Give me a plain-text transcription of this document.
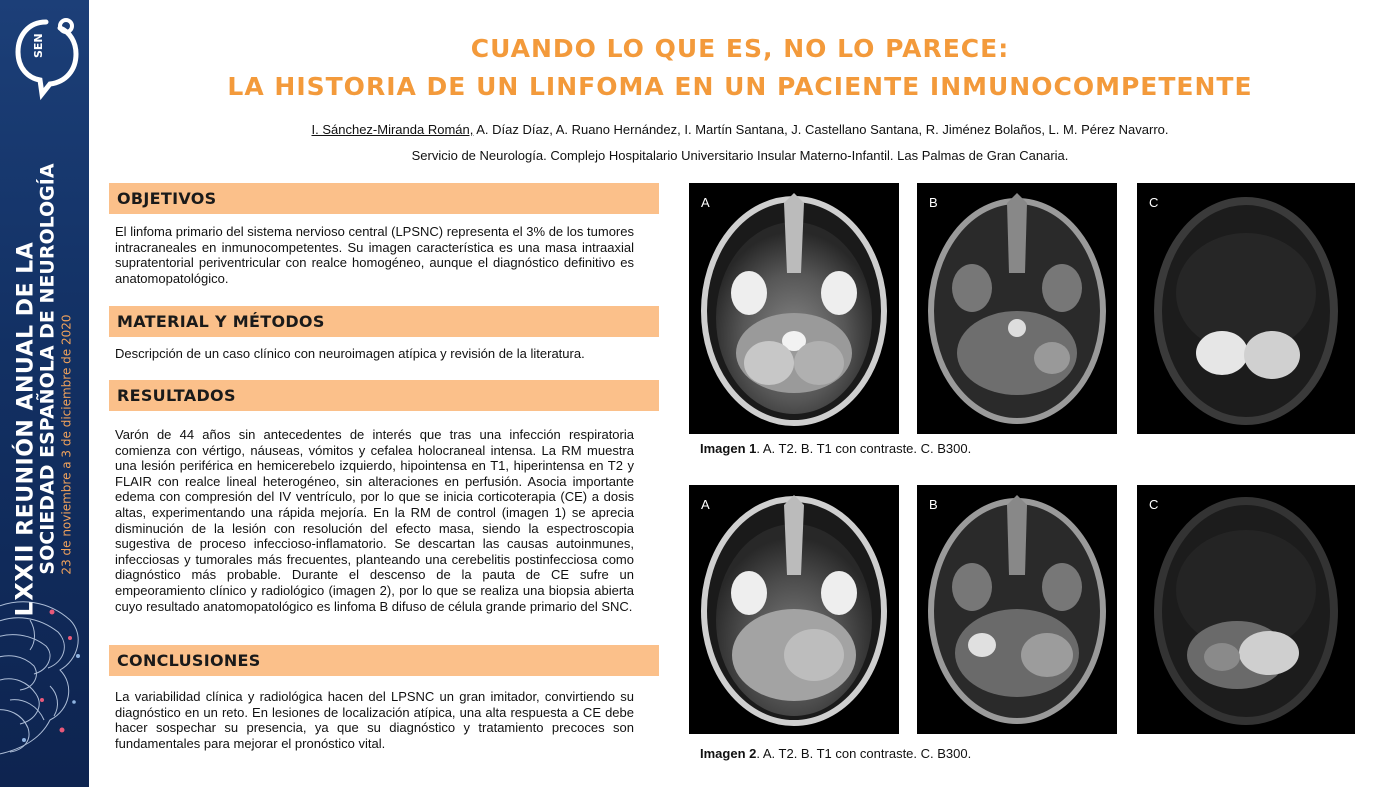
SEN
LXXII REUNIÓN ANUAL DE LA
SOCIEDAD ESPAÑOLA DE NEUROLOGÍA 23 de noviembre a 3 de diciembre de 2020
CUANDO LO QUE ES, NO LO PARECE:
LA HISTORIA DE UN LINFOMA EN UN PACIENTE INMUNOCOMPETENTE
I. Sánchez-Miranda Román, A. Díaz Díaz, A. Ruano Hernández, I. Martín Santana, J. Castellano Santana, R. Jiménez Bolaños, L. M. Pérez Navarro.
Servicio de Neurología. Complejo Hospitalario Universitario Insular Materno-Infantil. Las Palmas de Gran Canaria.
OBJETIVOS
El linfoma primario del sistema nervioso central (LPSNC) representa el 3% de los tumores intracraneales en inmunocompetentes. Su imagen característica es una masa intraaxial supratentorial periventricular con realce homogéneo, aunque el diagnóstico definitivo es anatomopatológico.
MATERIAL Y MÉTODOS
Descripción de un caso clínico con neuroimagen atípica y revisión de la literatura.
RESULTADOS
Varón de 44 años sin antecedentes de interés que tras una infección respiratoria comienza con vértigo, náuseas, vómitos y cefalea holocraneal intensa. La RM muestra una lesión periférica en hemicerebelo izquierdo, hipointensa en T1, hiperintensa en T2 y FLAIR con realce lineal heterogéneo, sin alteraciones en perfusión. Asocia importante edema con compresión del IV ventrículo, por lo que se inicia corticoterapia (CE) a dosis altas, experimentando una rápida mejoría. En la RM de control (imagen 1) se aprecia disminución de la lesión con resolución del efecto masa, siendo la espectroscopia sugestiva de proceso infeccioso-inflamatorio. Se descartan las causas autoinmunes, infecciosas y tumorales más frecuentes, planteando una cerebelitis postinfecciosa como diagnóstico más probable. Durante el descenso de la pauta de CE sufre un empeoramiento clínico y radiológico (imagen 2), por lo que se realiza una biopsia abierta cuyo resultado anatomopatológico es linfoma B difuso de célula grande primario del SNC.
CONCLUSIONES
La variabilidad clínica y radiológica hacen del LPSNC un gran imitador, convirtiendo su diagnóstico en un reto. En lesiones de localización atípica, una alta respuesta a CE debe hacer sospechar su presencia, ya que su diagnóstico y tratamiento precoces son fundamentales para mejorar el pronóstico vital.
A	B	C
Imagen 1. A. T2. B. T1 con contraste. C. B300.
A	B	C
Imagen 2. A. T2. B. T1 con contraste. C. B300.
